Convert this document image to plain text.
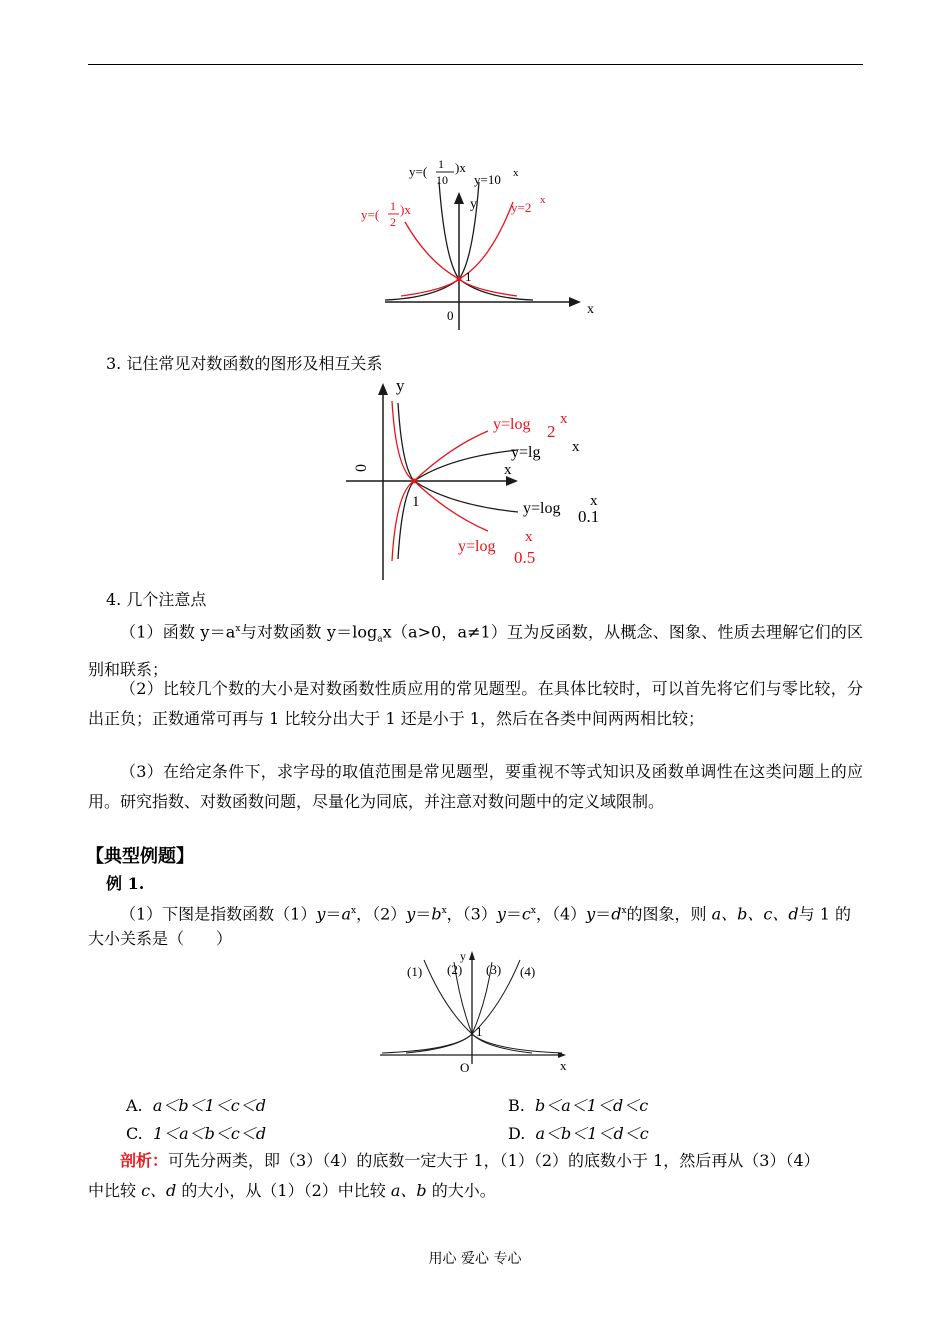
1
0	x
y
y=( 1
10
)x
y=10 x
y=(
1
2
)x	y=2 x
3. 记住常见对数函数的图形及相互关系
1
0	x
y
y=log 2
x
y=lg x
y=log 0.1
x
y=log
0.5
x
4. 几个注意点
（1）函数 $y=a^x$与对数函数 $y=\log_ax(a>0$，a≠1）互为反函数，从概念、图象、性质去理解它们的区别和联系；
（2）比较几个数的大小是对数函数性质应用的常见题型。在具体比较时，可以首先将它们与零比较，分出正负；正数通常可再与 1 比较分出大于 1 还是小于 1，然后在各类中间两两相比较；
（3）在给定条件下，求字母的取值范围是常见题型，要重视不等式知识及函数单调性在这类问题上的应用。研究指数、对数函数问题，尽量化为同底，并注意对数问题中的定义域限制。
【典型例题】
例 1.
（1）下图是指数函数$(1)y=a^x$，$(2)y=b^x$，$(3)y=c^x$，$(4)y=d^x$的图象，则 a、b、c、d与 1 的
大小关系是（　　）
(1) (2) (3) (4)
y
x
O
1
A. a＜b＜1＜c＜d	B. b＜a＜1＜d＜c
C. 1＜a＜b＜c＜d	D. a＜b＜1＜d＜c
剖析：可先分两类，即（3）（4）的底数一定大于 1，（1）（2）的底数小于 1，然后再从（3）（4）
中比较 c、d 的大小，从（1）（2）中比较 a、b 的大小。
用心 爱心 专心
